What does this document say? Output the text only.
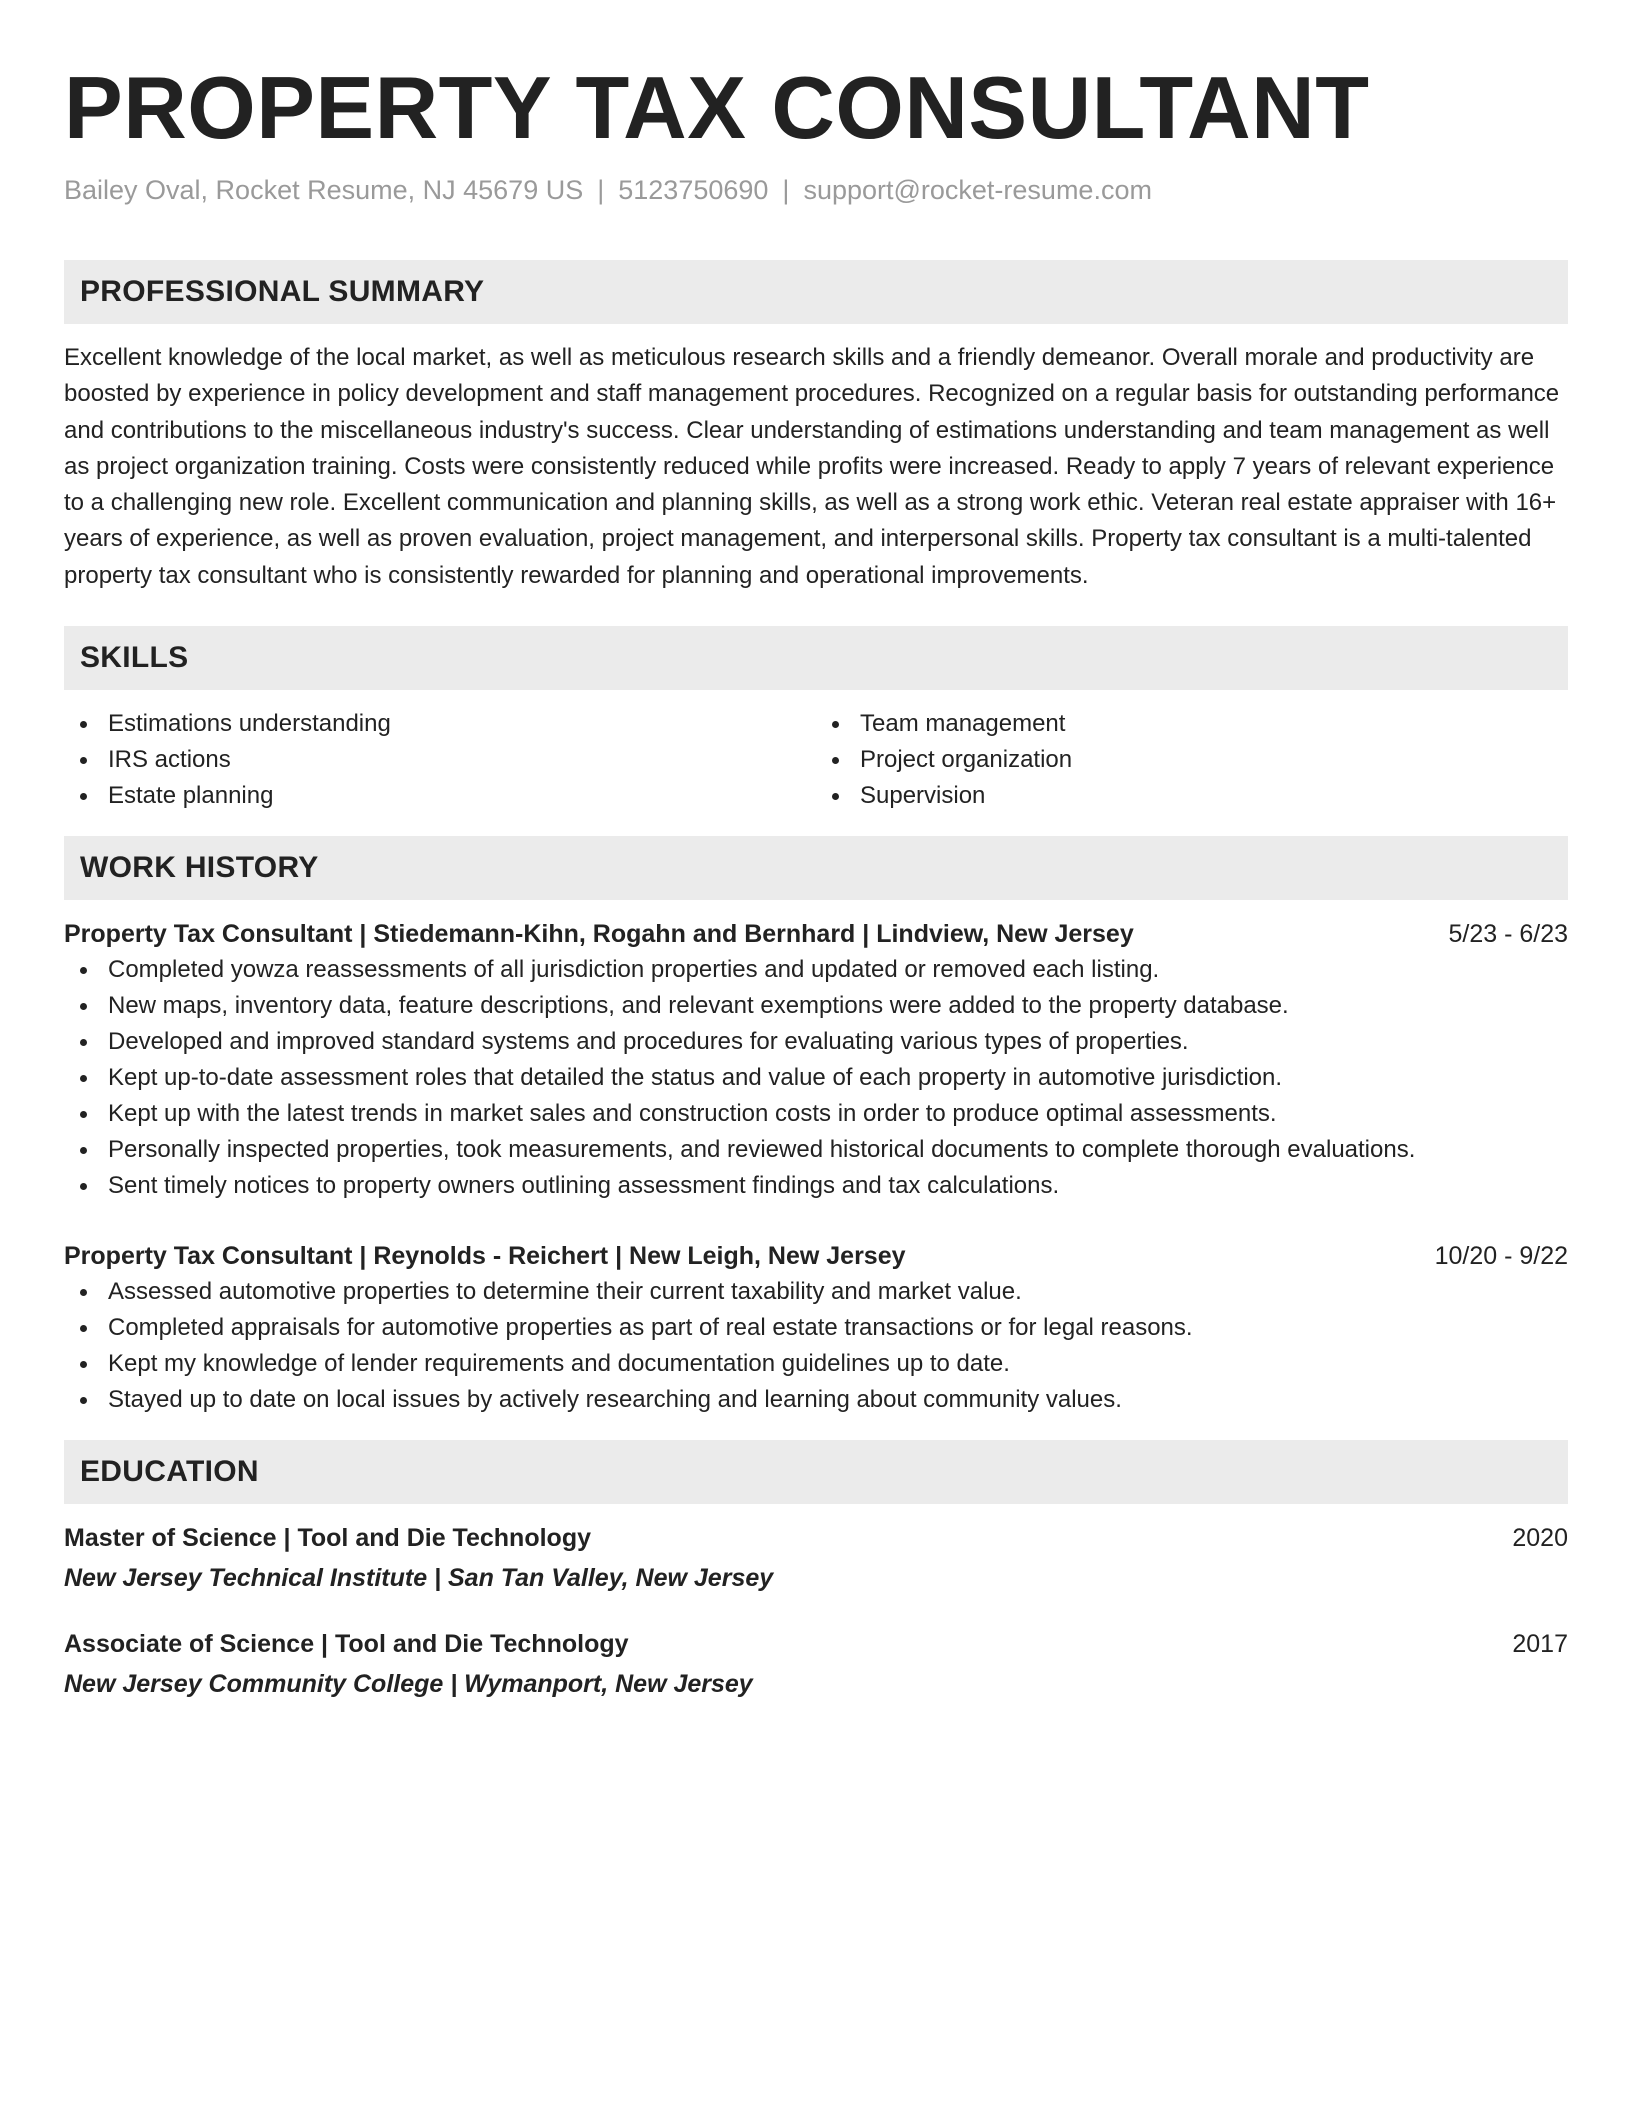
PROPERTY TAX CONSULTANT
Bailey Oval, Rocket Resume, NJ 45679 US | 5123750690 | support@rocket-resume.com
PROFESSIONAL SUMMARY

Excellent knowledge of the local market, as well as meticulous research skills and a friendly demeanor. Overall morale and productivity are boosted by experience in policy development and staff management procedures. Recognized on a regular basis for outstanding performance and contributions to the miscellaneous industry's success. Clear understanding of estimations understanding and team management as well as project organization training. Costs were consistently reduced while profits were increased. Ready to apply 7 years of relevant experience to a challenging new role. Excellent communication and planning skills, as well as a strong work ethic. Veteran real estate appraiser with 16+ years of experience, as well as proven evaluation, project management, and interpersonal skills. Property tax consultant is a multi-talented property tax consultant who is consistently rewarded for planning and operational improvements.

SKILLS
Estimations understanding
IRS actions
Estate planning
Team management
Project organization
Supervision
WORK HISTORY
Property Tax Consultant | Stiedemann-Kihn, Rogahn and Bernhard | Lindview, New Jersey	5/23 - 6/23
Completed yowza reassessments of all jurisdiction properties and updated or removed each listing.
New maps, inventory data, feature descriptions, and relevant exemptions were added to the property database.
Developed and improved standard systems and procedures for evaluating various types of properties.
Kept up-to-date assessment roles that detailed the status and value of each property in automotive jurisdiction.
Kept up with the latest trends in market sales and construction costs in order to produce optimal assessments.
Personally inspected properties, took measurements, and reviewed historical documents to complete thorough evaluations.
Sent timely notices to property owners outlining assessment findings and tax calculations.
Property Tax Consultant | Reynolds - Reichert | New Leigh, New Jersey	10/20 - 9/22
Assessed automotive properties to determine their current taxability and market value.
Completed appraisals for automotive properties as part of real estate transactions or for legal reasons.
Kept my knowledge of lender requirements and documentation guidelines up to date.
Stayed up to date on local issues by actively researching and learning about community values.
EDUCATION
Master of Science | Tool and Die Technology	2020
New Jersey Technical Institute | San Tan Valley, New Jersey
Associate of Science | Tool and Die Technology	2017
New Jersey Community College | Wymanport, New Jersey
